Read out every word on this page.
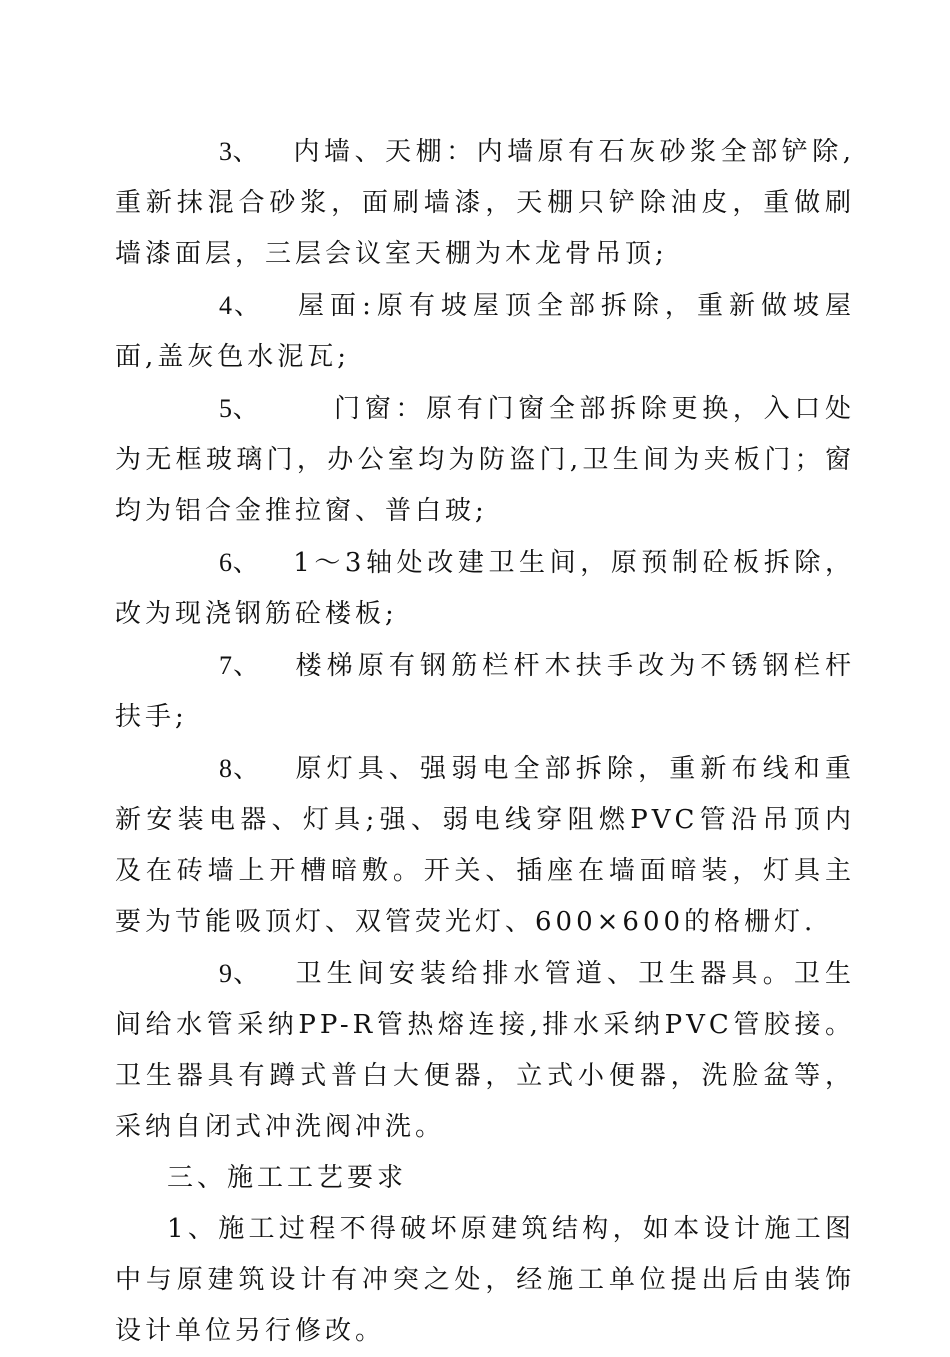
3、 内墙、天棚：内墙原有石灰砂浆全部铲除,重新抹混合砂浆，面刷墙漆，天棚只铲除油皮，重做刷墙漆面层，三层会议室天棚为木龙骨吊顶;

4、 屋面:原有坡屋顶全部拆除，重新做坡屋面,盖灰色水泥瓦;

5、	门窗：原有门窗全部拆除更换，入口处为无框玻璃门，办公室均为防盗门,卫生间为夹板门；窗均为铝合金推拉窗、普白玻;

6、 1～3轴处改建卫生间，原预制砼板拆除，改为现浇钢筋砼楼板;

7、 楼梯原有钢筋栏杆木扶手改为不锈钢栏杆扶手;

8、 原灯具、强弱电全部拆除，重新布线和重新安装电器、灯具;强、弱电线穿阻燃PVC管沿吊顶内及在砖墙上开槽暗敷。开关、插座在墙面暗装，灯具主要为节能吸顶灯、双管荧光灯、600×600的格栅灯.

9、 卫生间安装给排水管道、卫生器具。卫生间给水管采纳PP-R管热熔连接,排水采纳PVC管胶接。卫生器具有蹲式普白大便器，立式小便器，洗脸盆等，采纳自闭式冲洗阀冲洗。

三、施工工艺要求

1、施工过程不得破坏原建筑结构，如本设计施工图中与原建筑设计有冲突之处，经施工单位提出后由装饰设计单位另行修改。
